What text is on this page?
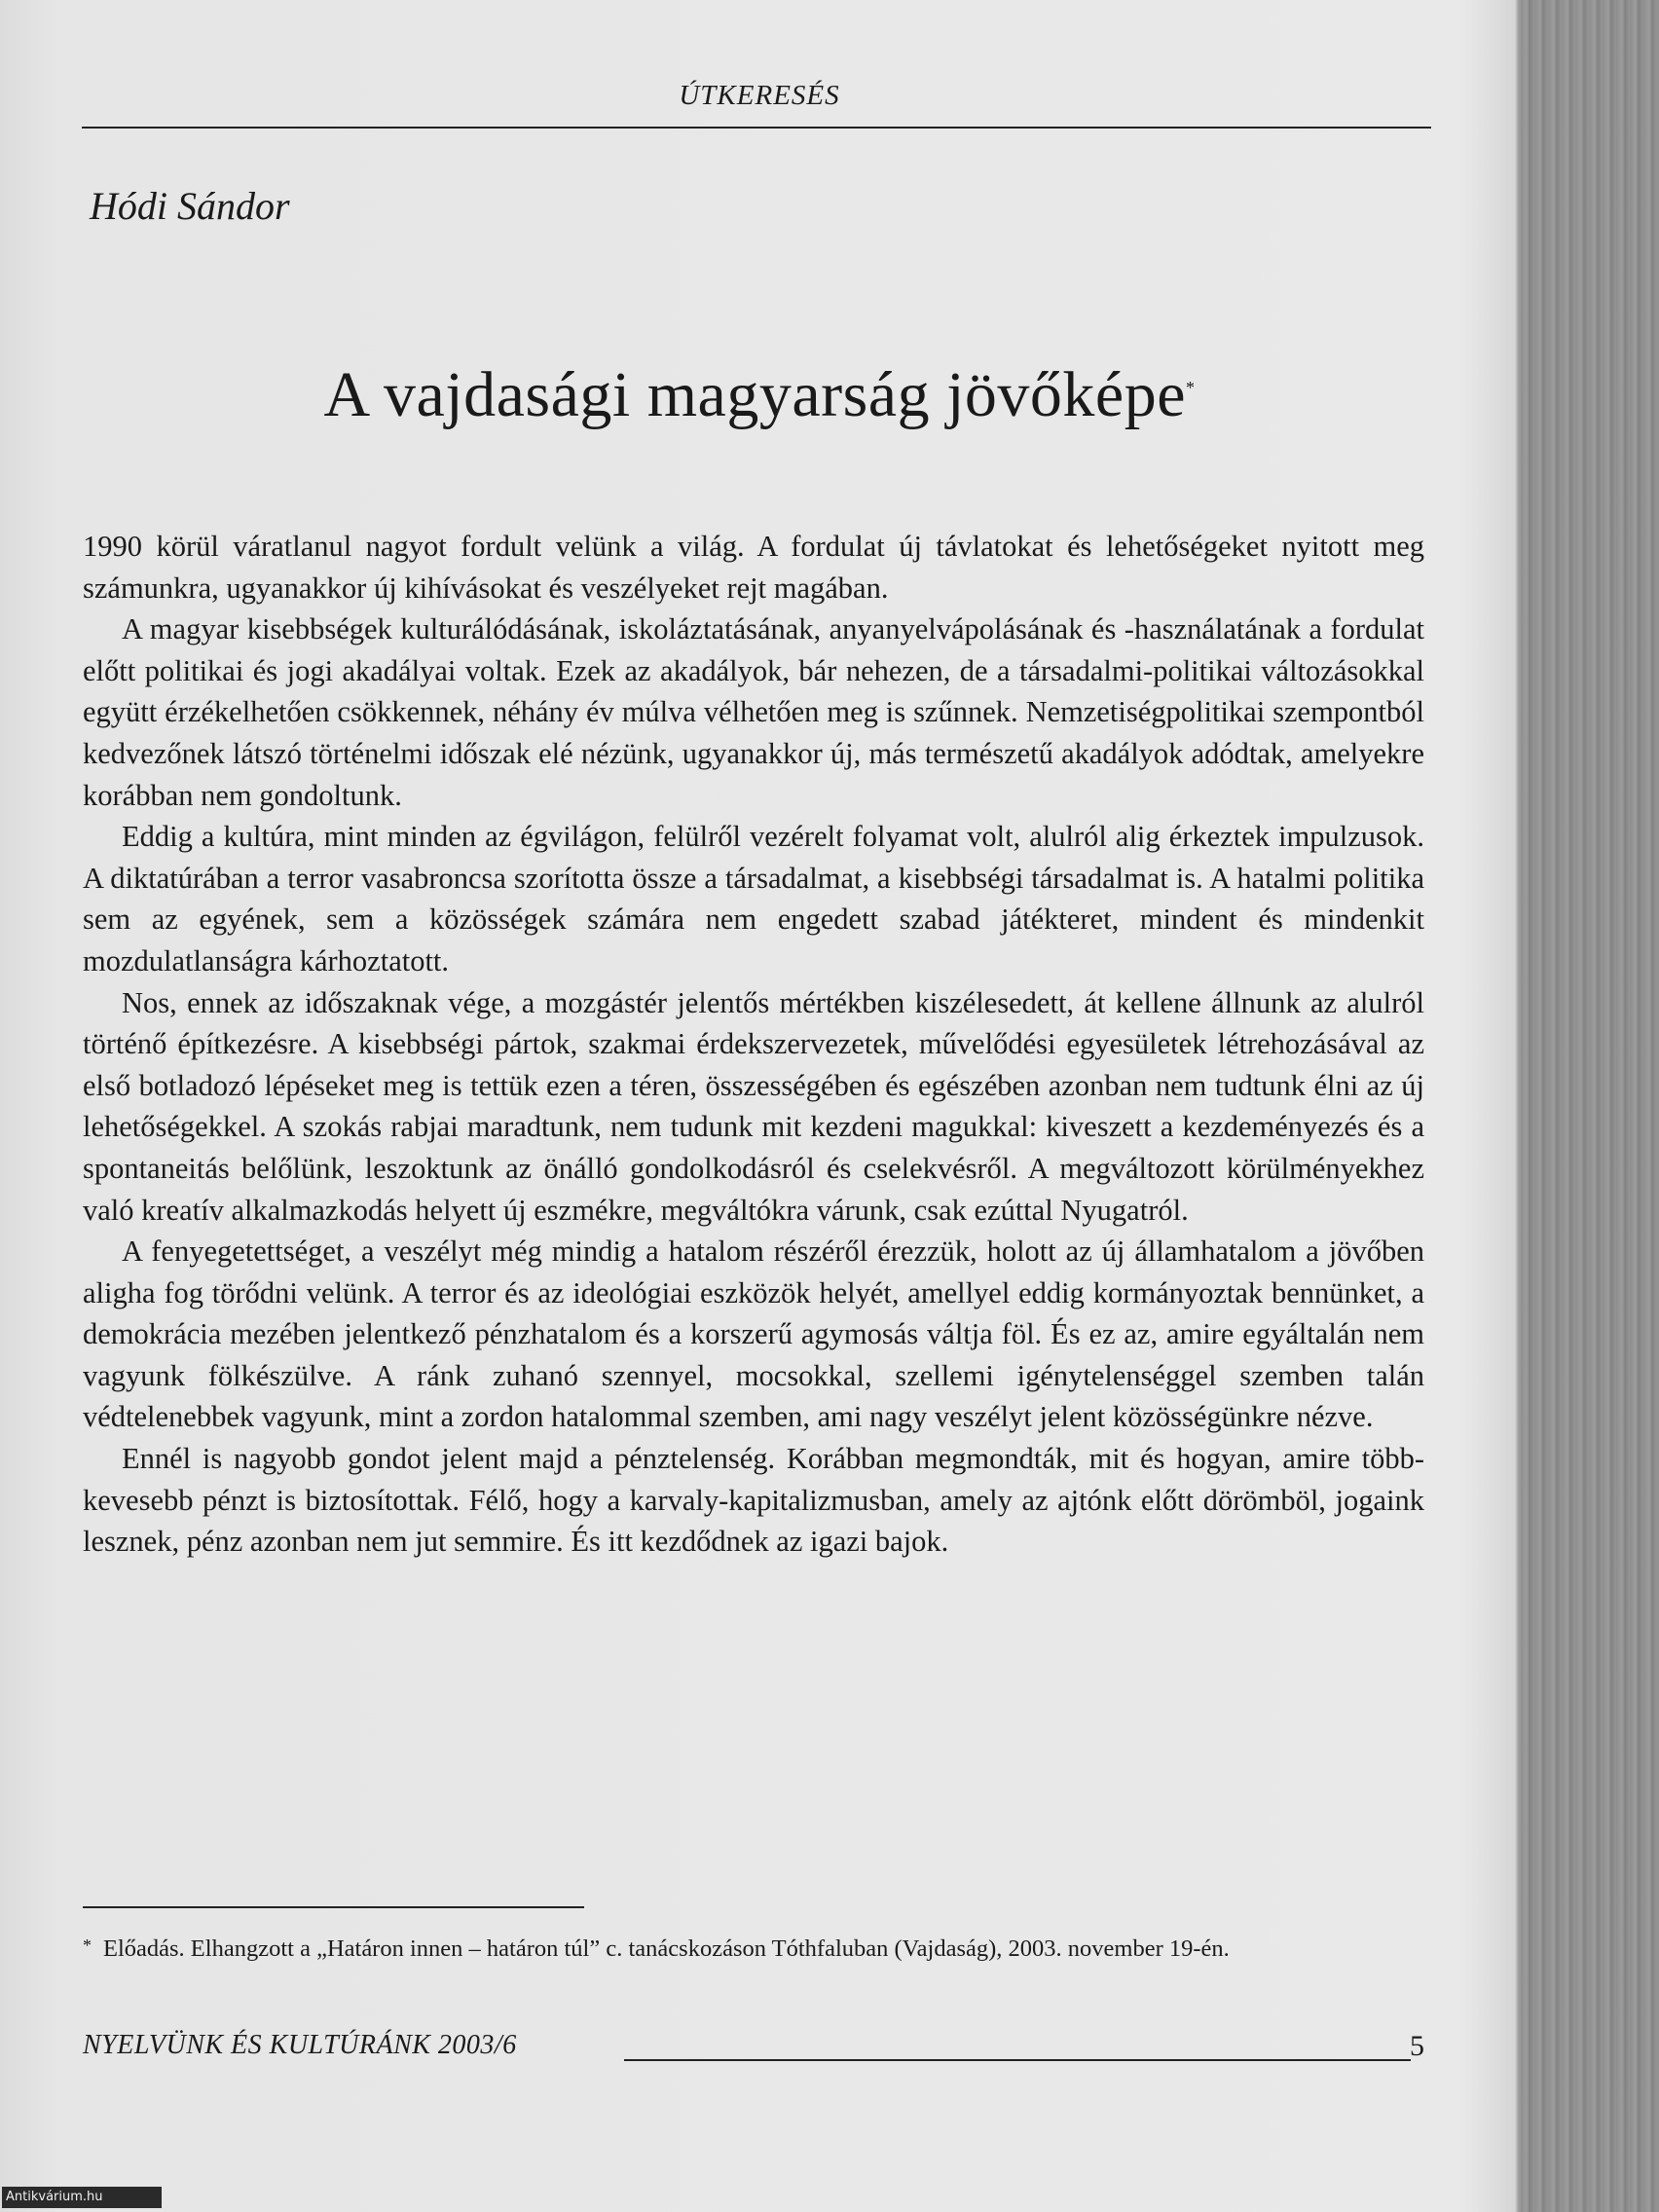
ÚTKERESÉS
Hódi Sándor
A vajdasági magyarság jövőképe*

1990 körül váratlanul nagyot fordult velünk a világ. A fordulat új távlatokat és lehetőségeket nyitott meg számunkra, ugyanakkor új kihívásokat és veszélyeket rejt magában.

A magyar kisebbségek kulturálódásának, iskoláztatásának, anyanyelvápolásának és -használatának a fordulat előtt politikai és jogi akadályai voltak. Ezek az akadályok, bár nehezen, de a társadalmi-politikai változásokkal együtt érzékelhetően csökkennek, néhány év múlva vélhetően meg is szűnnek. Nemzetiségpolitikai szempontból kedvezőnek látszó történelmi időszak elé nézünk, ugyanakkor új, más természetű akadályok adódtak, amelyekre korábban nem gondoltunk.

Eddig a kultúra, mint minden az égvilágon, felülről vezérelt folyamat volt, alulról alig érkeztek impulzusok. A diktatúrában a terror vasabroncsa szorította össze a társadalmat, a kisebbségi társadalmat is. A hatalmi politika sem az egyének, sem a közösségek számára nem engedett szabad játékteret, mindent és mindenkit mozdulatlanságra kárhoztatott.

Nos, ennek az időszaknak vége, a mozgástér jelentős mértékben kiszélesedett, át kellene állnunk az alulról történő építkezésre. A kisebbségi pártok, szakmai érdekszervezetek, művelődési egyesületek létrehozásával az első botladozó lépéseket meg is tettük ezen a téren, összességében és egészében azonban nem tudtunk élni az új lehetőségekkel. A szokás rabjai maradtunk, nem tudunk mit kezdeni magukkal: kiveszett a kezdeményezés és a spontaneitás belőlünk, leszoktunk az önálló gondolkodásról és cselekvésről. A megváltozott körülményekhez való kreatív alkalmazkodás helyett új eszmékre, megváltókra várunk, csak ezúttal Nyugatról.

A fenyegetettséget, a veszélyt még mindig a hatalom részéről érezzük, holott az új államhatalom a jövőben aligha fog törődni velünk. A terror és az ideológiai eszközök helyét, amellyel eddig kormányoztak bennünket, a demokrácia mezében jelentkező pénzhatalom és a korszerű agymosás váltja föl. És ez az, amire egyáltalán nem vagyunk fölkészülve. A ránk zuhanó szennyel, mocsokkal, szellemi igénytelenséggel szemben talán védtelenebbek vagyunk, mint a zordon hatalommal szemben, ami nagy veszélyt jelent közösségünkre nézve.

Ennél is nagyobb gondot jelent majd a pénztelenség. Korábban megmondták, mit és hogyan, amire több-kevesebb pénzt is biztosítottak. Félő, hogy a karvaly-kapitalizmusban, amely az ajtónk előtt dörömböl, jogaink lesznek, pénz azonban nem jut semmire. És itt kezdődnek az igazi bajok.

* Előadás. Elhangzott a „Határon innen – határon túl” c. tanácskozáson Tóthfaluban (Vajdaság), 2003. november 19-én.
NYELVÜNK ÉS KULTÚRÁNK 2003/6	5
Antikvárium.hu
